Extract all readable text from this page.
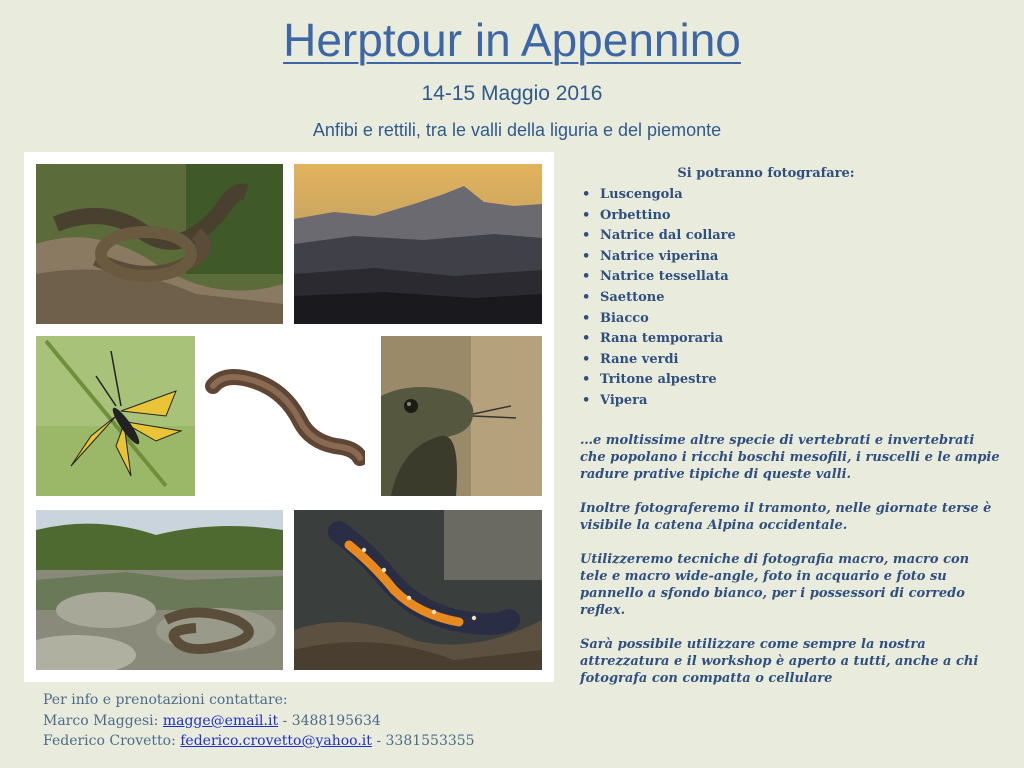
Herptour in Appennino
14-15 Maggio 2016
Anfibi e rettili, tra le valli della liguria e del piemonte
Si potranno fotografare:
• Luscengola
• Orbettino
• Natrice dal collare
• Natrice viperina
• Natrice tessellata
• Saettone
• Biacco
• Rana temporaria
• Rane verdi
• Tritone alpestre
• Vipera

…e moltissime altre specie di vertebrati e invertebrati che popolano i ricchi boschi mesofili, i ruscelli e le ampie radure prative tipiche di queste valli.

Inoltre fotograferemo il tramonto, nelle giornate terse è visibile la catena Alpina occidentale.

Utilizzeremo tecniche di fotografia macro, macro con tele e macro wide-angle, foto in acquario e foto su pannello a sfondo bianco, per i possessori di corredo reflex.

Sarà possibile utilizzare come sempre la nostra attrezzatura e il workshop è aperto a tutti, anche a chi fotografa con compatta o cellulare

Per info e prenotazioni contattare:
Marco Maggesi: magge@email.it - 3488195634
Federico Crovetto: federico.crovetto@yahoo.it - 3381553355
